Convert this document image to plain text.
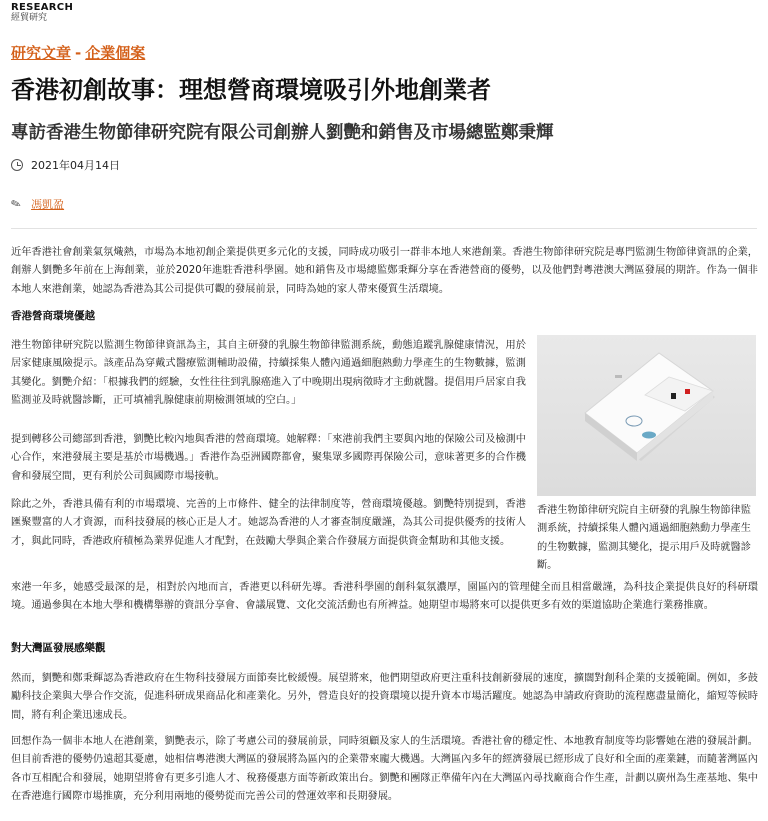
RESEARCH
經貿研究
研究文章 - 企業個案
香港初創故事：理想營商環境吸引外地創業者
專訪香港生物節律研究院有限公司創辦人劉艷和銷售及市場總監鄭秉輝
2021年04月14日
✎ 馮凱盈

近年香港社會創業氣氛熾熱，市場為本地初創企業提供更多元化的支援，同時成功吸引一群非本地人來港創業。香港生物節律研究院是專門監測生物節律資訊的企業，創辦人劉艷多年前在上海創業，並於2020年進駐香港科學園。她和銷售及市場總監鄭秉輝分享在香港營商的優勢，以及他們對粵港澳大灣區發展的期許。作為一個非本地人來港創業，她認為香港為其公司提供可觀的發展前景，同時為她的家人帶來優質生活環境。

香港營商環境優越

港生物節律研究院以監測生物節律資訊為主，其自主研發的乳腺生物節律監測系統，動態追蹤乳腺健康情況，用於居家健康風險提示。該產品為穿戴式醫療監測輔助設備，持續採集人體內通過細胞熱動力學產生的生物數據，監測其變化。劉艷介紹：「根據我們的經驗，女性往往到乳腺癌進入了中晚期出現病徵時才主動就醫。提倡用戶居家自我監測並及時就醫診斷，正可填補乳腺健康前期檢測領域的空白。」

提到轉移公司總部到香港，劉艷比較內地與香港的營商環境。她解釋：「來港前我們主要與內地的保險公司及檢測中心合作，來港發展主要是基於市場機遇。」香港作為亞洲國際都會，聚集眾多國際再保險公司，意味著更多的合作機會和發展空間，更有利於公司與國際市場接軌。

除此之外，香港具備有利的市場環境、完善的上市條件、健全的法律制度等，營商環境優越。劉艷特別提到，香港匯聚豐富的人才資源，而科技發展的核心正是人才。她認為香港的人才審查制度嚴謹，為其公司提供優秀的技術人才，與此同時，香港政府積極為業界促進人才配對，在鼓勵大學與企業合作發展方面提供資金幫助和其他支援。

香港生物節律研究院自主研發的乳腺生物節律監測系統，持續採集人體內通過細胞熱動力學產生的生物數據，監測其變化，提示用戶及時就醫診斷。

來港一年多，她感受最深的是，相對於內地而言，香港更以科研先導。香港科學園的創科氣氛濃厚，園區內的管理健全而且相當嚴謹，為科技企業提供良好的科研環境。通過參與在本地大學和機構舉辦的資訊分享會、會議展覽、文化交流活動也有所裨益。她期望市場將來可以提供更多有效的渠道協助企業進行業務推廣。

對大灣區發展感樂觀

然而，劉艷和鄭秉輝認為香港政府在生物科技發展方面節奏比較緩慢。展望將來，他們期望政府更注重科技創新發展的速度，擴闊對創科企業的支援範圍。例如，多鼓勵科技企業與大學合作交流，促進科研成果商品化和產業化。另外，營造良好的投資環境以提升資本市場活躍度。她認為申請政府資助的流程應盡量簡化，縮短等候時間，將有利企業迅速成長。

回想作為一個非本地人在港創業，劉艷表示，除了考慮公司的發展前景，同時須顧及家人的生活環境。香港社會的穩定性、本地教育制度等均影響她在港的發展計劃。但目前香港的優勢仍遠超其憂慮，她相信粵港澳大灣區的發展將為區內的企業帶來龐大機遇。大灣區內多年的經濟發展已經形成了良好和全面的產業鏈，而隨著灣區內各市互相配合和發展，她期望將會有更多引進人才、稅務優惠方面等新政策出台。劉艷和團隊正準備年內在大灣區內尋找廠商合作生產，計劃以廣州為生產基地、集中在香港進行國際市場推廣，充分利用兩地的優勢從而完善公司的營運效率和長期發展。
